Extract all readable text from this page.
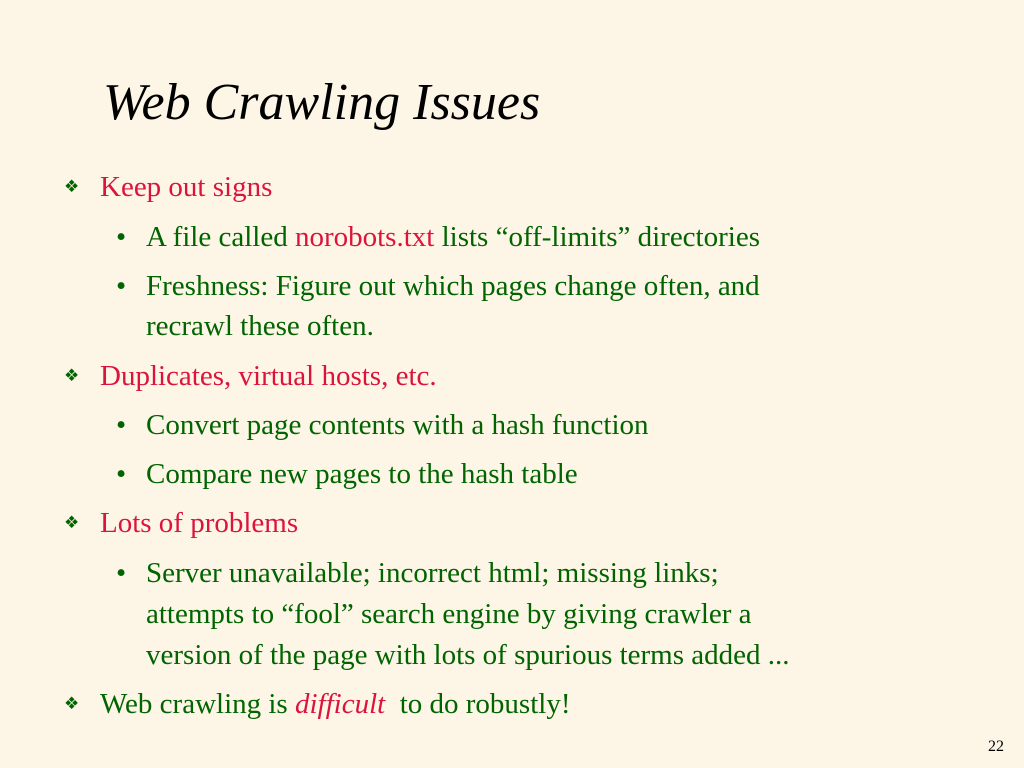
Web Crawling Issues
❖ Keep out signs
• A file called norobots.txt lists “off-limits” directories
• Freshness: Figure out which pages change often, and
recrawl these often.
❖ Duplicates, virtual hosts, etc.
• Convert page contents with a hash function
• Compare new pages to the hash table
❖ Lots of problems
• Server unavailable; incorrect html; missing links;
attempts to “fool” search engine by giving crawler a
version of the page with lots of spurious terms added ...
❖ Web crawling is difficult  to do robustly!
22
